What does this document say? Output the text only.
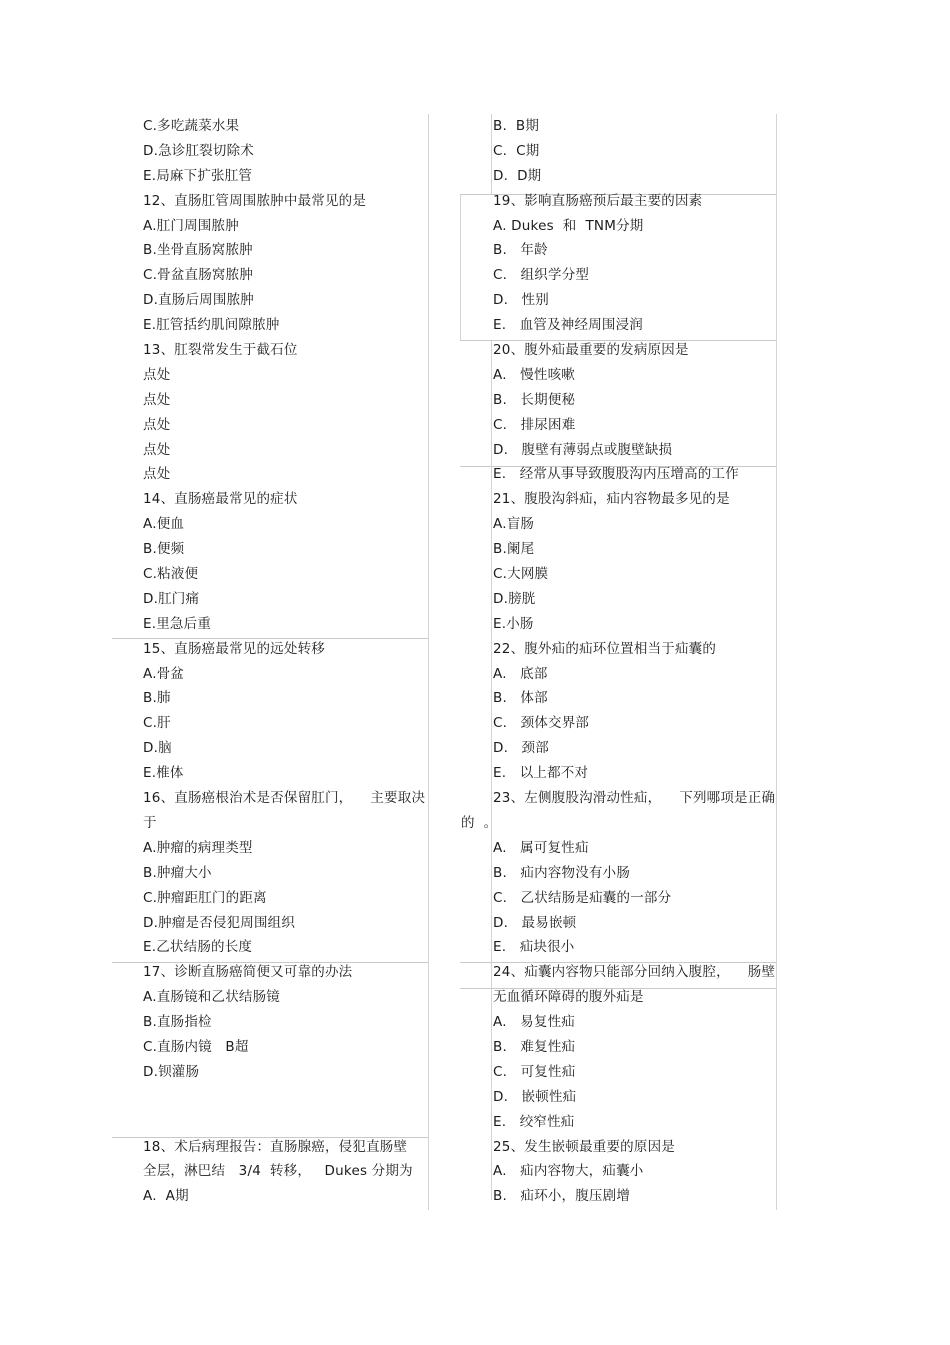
C.多吃蔬菜水果
D.急诊肛裂切除术
E.局麻下扩张肛管
12、直肠肛管周围脓肿中最常见的是
A.肛门周围脓肿
B.坐骨直肠窝脓肿
C.骨盆直肠窝脓肿
D.直肠后周围脓肿
E.肛管括约肌间隙脓肿
13、肛裂常发生于截石位
点处
点处
点处
点处
点处
14、直肠癌最常见的症状
A.便血
B.便频
C.粘液便
D.肛门痛
E.里急后重
15、直肠癌最常见的远处转移
A.骨盆
B.肺
C.肝
D.脑
E.椎体
16、直肠癌根治术是否保留肛门，    主要取决
于
A.肿瘤的病理类型
B.肿瘤大小
C.肿瘤距肛门的距离
D.肿瘤是否侵犯周围组织
E.乙状结肠的长度
17、诊断直肠癌简便又可靠的办法
A.直肠镜和乙状结肠镜
B.直肠指检
C.直肠内镜   B超
D.钡灌肠
18、术后病理报告：直肠腺癌，侵犯直肠壁
全层，淋巴结   3/4  转移，   Dukes 分期为
A.  A期
B.  B期
C.  C期
D.  D期
19、影响直肠癌预后最主要的因素
A. Dukes  和  TNM分期
B.   年龄
C.   组织学分型
D.   性别
E.   血管及神经周围浸润
20、腹外疝最重要的发病原因是
A.   慢性咳嗽
B.   长期便秘
C.   排尿困难
D.   腹壁有薄弱点或腹壁缺损
E.   经常从事导致腹股沟内压增高的工作
21、腹股沟斜疝，疝内容物最多见的是
A.盲肠
B.阑尾
C.大网膜
D.膀胱
E.小肠
22、腹外疝的疝环位置相当于疝囊的
A.   底部
B.   体部
C.   颈体交界部
D.   颈部
E.   以上都不对
23、左侧腹股沟滑动性疝，    下列哪项是正确
的  。
A.   属可复性疝
B.   疝内容物没有小肠
C.   乙状结肠是疝囊的一部分
D.   最易嵌顿
E.   疝块很小
24、疝囊内容物只能部分回纳入腹腔，    肠壁
无血循环障碍的腹外疝是
A.   易复性疝
B.   难复性疝
C.   可复性疝
D.   嵌顿性疝
E.   绞窄性疝
25、发生嵌顿最重要的原因是
A.   疝内容物大，疝囊小
B.   疝环小，腹压剧增
